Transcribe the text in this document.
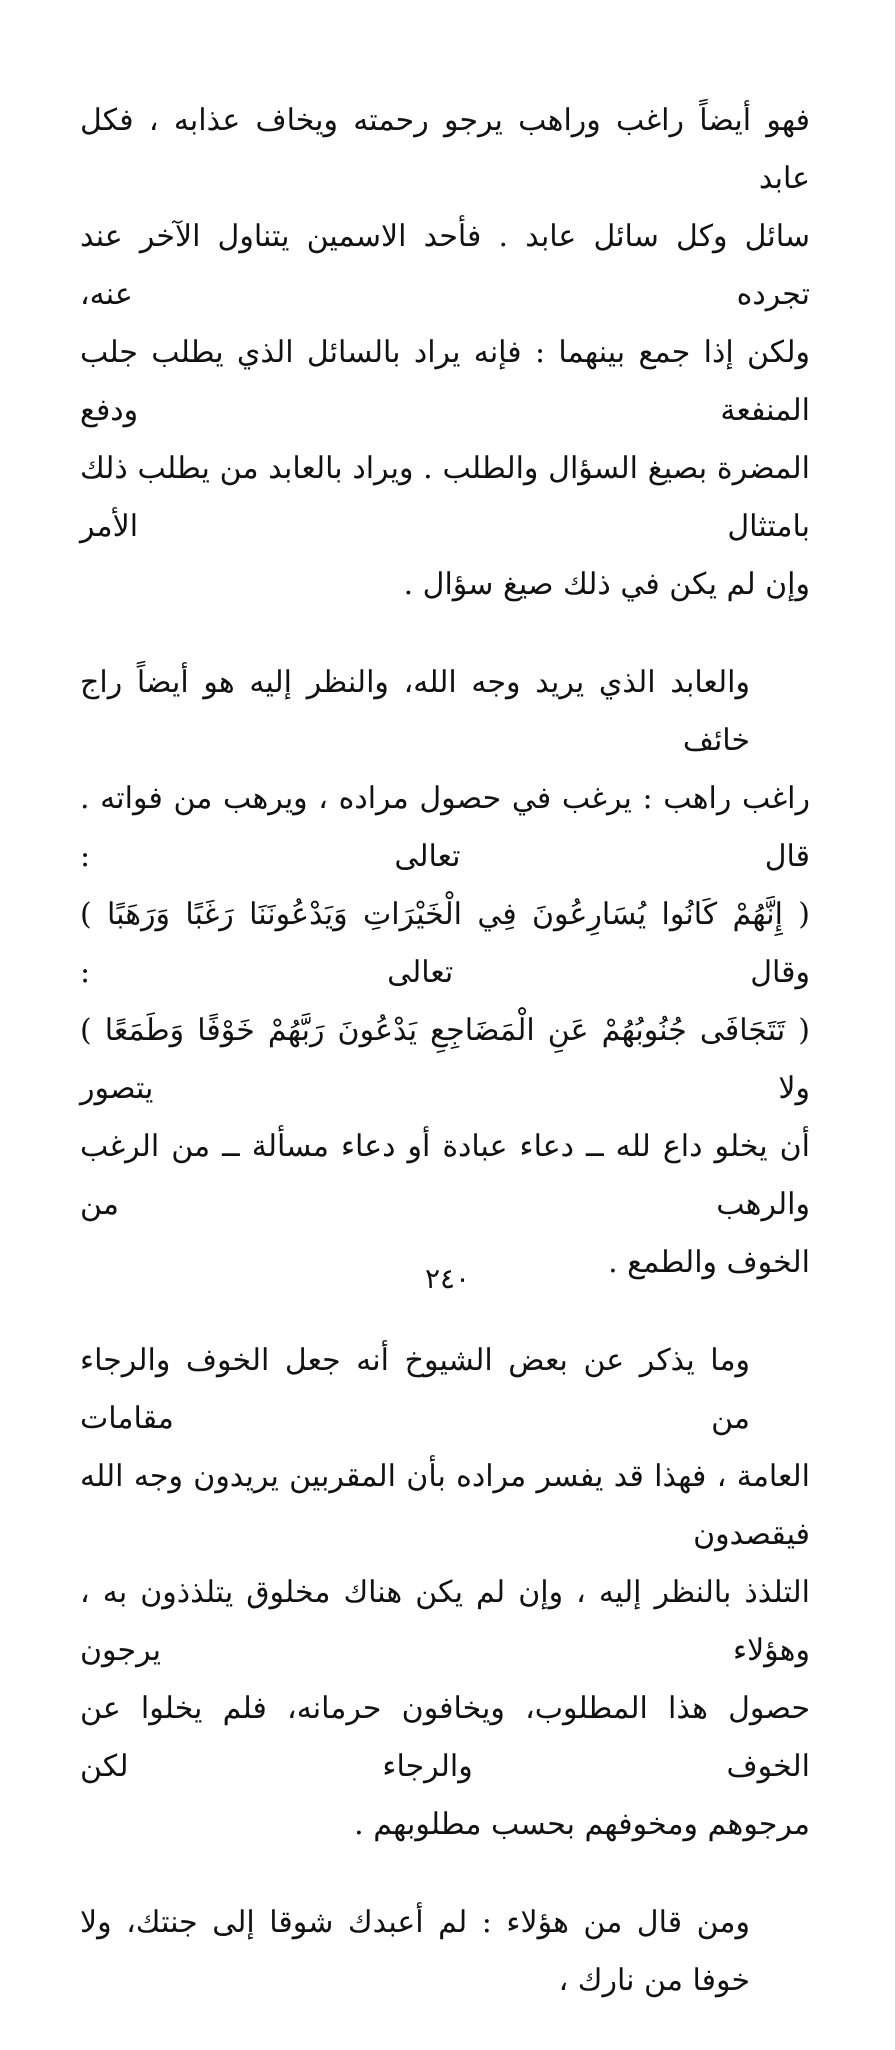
فهو أيضاً راغب وراهب يرجو رحمته ويخاف عذابه ، فكل عابد
سائل وكل سائل عابد . فأحد الاسمين يتناول الآخر عند تجرده عنه،
ولكن إذا جمع بينهما : فإنه يراد بالسائل الذي يطلب جلب المنفعة ودفع
المضرة بصيغ السؤال والطلب . ويراد بالعابد من يطلب ذلك بامتثال الأمر
وإن لم يكن في ذلك صيغ سؤال .
والعابد الذي يريد وجه الله، والنظر إليه هو أيضاً راج خائف
راغب راهب : يرغب في حصول مراده ، ويرهب من فواته . قال تعالى :
( إِنَّهُمْ كَانُوا يُسَارِعُونَ فِي الْخَيْرَاتِ وَيَدْعُونَنَا رَغَبًا وَرَهَبًا ) وقال تعالى :
( تَتَجَافَى جُنُوبُهُمْ عَنِ الْمَضَاجِعِ يَدْعُونَ رَبَّهُمْ خَوْفًا وَطَمَعًا ) ولا يتصور
أن يخلو داع لله ــ دعاء عبادة أو دعاء مسألة ــ من الرغب والرهب من
الخوف والطمع .
وما يذكر عن بعض الشيوخ أنه جعل الخوف والرجاء من مقامات
العامة ، فهذا قد يفسر مراده بأن المقربين يريدون وجه الله فيقصدون
التلذذ بالنظر إليه ، وإن لم يكن هناك مخلوق يتلذذون به ، وهؤلاء يرجون
حصول هذا المطلوب، ويخافون حرمانه، فلم يخلوا عن الخوف والرجاء لكن
مرجوهم ومخوفهم بحسب مطلوبهم .
ومن قال من هؤلاء : لم أعبدك شوقا إلى جنتك، ولا خوفا من نارك ،
٢٤٠
